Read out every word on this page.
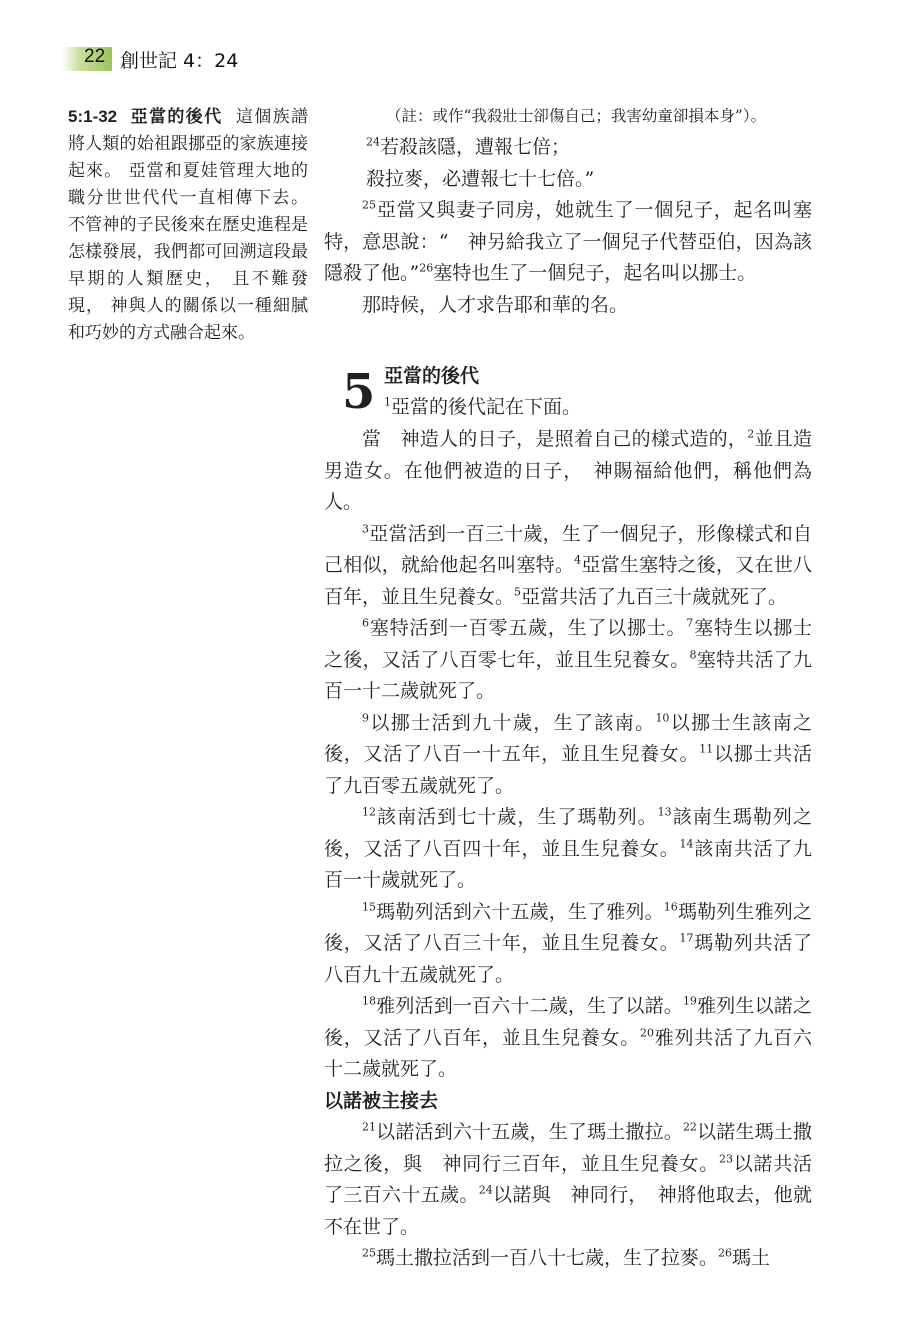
22 創世記 4：24
5:1-32 亞當的後代 這個族譜將人類的始祖跟挪亞的家族連接起來。 亞當和夏娃管理大地的職分世世代代一直相傳下去。 不管神的子民後來在歷史進程是怎樣發展，我們都可回溯這段最早期的人類歷史， 且不難發現， 神與人的關係以一種細膩和巧妙的方式融合起來。
（註：或作“我殺壯士卻傷自己；我害幼童卻損本身”）。

$^{24}$若殺該隱，遭報七倍；

殺拉麥，必遭報七十七倍。”

$^{25}$亞當又與妻子同房，她就生了一個兒子，起名叫塞特，意思說：“　神另給我立了一個兒子代替亞伯，因為該隱殺了他。”$^{26}$塞特也生了一個兒子，起名叫以挪士。

那時候，人才求告耶和華的名。

5 亞當的後代
$^1$亞當的後代記在下面。

當　神造人的日子，是照着自己的樣式造的，$^2$並且造男造女。在他們被造的日子，　神賜福給他們，稱他們為人。

$^3$亞當活到一百三十歲，生了一個兒子，形像樣式和自己相似，就給他起名叫塞特。$^4$亞當生塞特之後，又在世八百年，並且生兒養女。$^5$亞當共活了九百三十歲就死了。

$^6$塞特活到一百零五歲，生了以挪士。$^7$塞特生以挪士之後，又活了八百零七年，並且生兒養女。$^8$塞特共活了九百一十二歲就死了。

$^9$以挪士活到九十歲，生了該南。$^{10}$以挪士生該南之後，又活了八百一十五年，並且生兒養女。$^{11}$以挪士共活了九百零五歲就死了。

$^{12}$該南活到七十歲，生了瑪勒列。$^{13}$該南生瑪勒列之後，又活了八百四十年，並且生兒養女。$^{14}$該南共活了九百一十歲就死了。

$^{15}$瑪勒列活到六十五歲，生了雅列。$^{16}$瑪勒列生雅列之後，又活了八百三十年，並且生兒養女。$^{17}$瑪勒列共活了八百九十五歲就死了。

$^{18}$雅列活到一百六十二歲，生了以諾。$^{19}$雅列生以諾之後，又活了八百年，並且生兒養女。$^{20}$雅列共活了九百六十二歲就死了。

以諾被主接去

$^{21}$以諾活到六十五歲，生了瑪土撒拉。$^{22}$以諾生瑪土撒拉之後，與　神同行三百年，並且生兒養女。$^{23}$以諾共活了三百六十五歲。$^{24}$以諾與　神同行，　神將他取去，他就不在世了。

$^{25}$瑪土撒拉活到一百八十七歲，生了拉麥。$^{26}$瑪土
